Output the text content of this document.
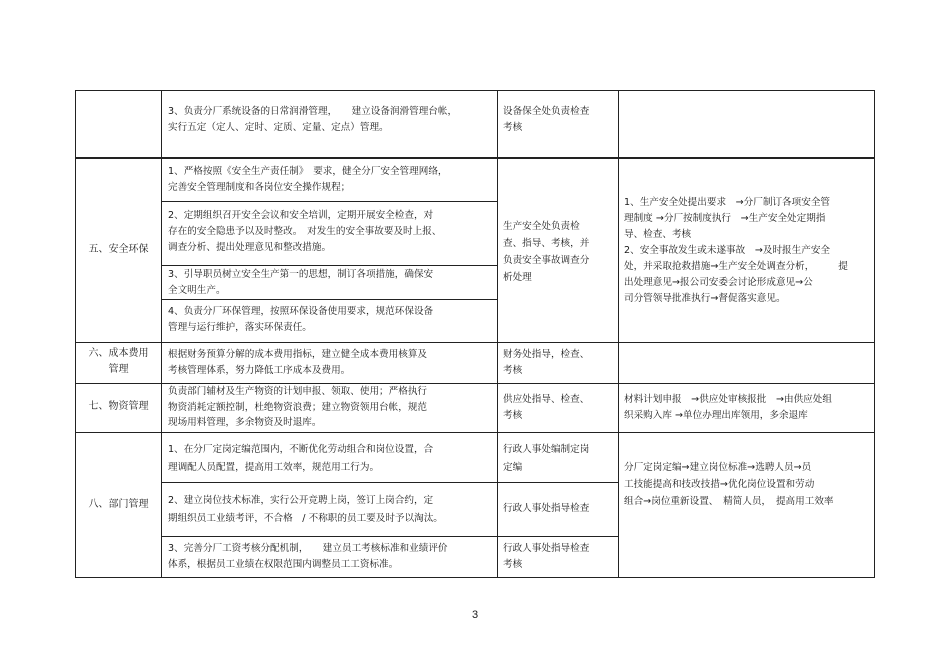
3、负责分厂系统设备的日常润滑管理，　　建立设备润滑管理台帐，
实行五定（定人、定时、定质、定量、定点）管理。
设备保全处负责检查
考核
五、安全环保
1、严格按照《安全生产责任制》　要求，健全分厂安全管理网络，
完善安全管理制度和各岗位安全操作规程；
2、定期组织召开安全会议和安全培训，定期开展安全检查，对
存在的安全隐患予以及时整改。　对发生的安全事故要及时上报、
调查分析、提出处理意见和整改措施。
3、引导职员树立安全生产第一的思想，制订各项措施，确保安
全文明生产。
4、负责分厂环保管理，按照环保设备使用要求，规范环保设备
管理与运行维护，落实环保责任。
生产安全处负责检
查、指导、考核，并
负责安全事故调查分
析处理
1、生产安全处提出要求　→分厂制订各项安全管
理制度 →分厂按制度执行　→生产安全处定期指
导、检查、考核
2、安全事故发生或未遂事故　→及时报生产安全
处，并采取抢救措施→生产安全处调查分析，　　　提
出处理意见→报公司安委会讨论形成意见→公
司分管领导批准执行→督促落实意见。
六、成本费用
管理
根据财务预算分解的成本费用指标，建立健全成本费用核算及
考核管理体系，努力降低工序成本及费用。
财务处指导，检查、
考核
七、物资管理
负责部门辅材及生产物资的计划申报、领取、使用；严格执行
物资消耗定额控制，杜绝物资浪费；建立物资领用台帐，规范
现场用料管理，多余物资及时退库。
供应处指导、检查、
考核
材料计划申报　→供应处审核报批　→由供应处组
织采购入库 →单位办理出库领用，多余退库
八、部门管理
1、在分厂定岗定编范围内，不断优化劳动组合和岗位设置，合
理调配人员配置，提高用工效率，规范用工行为。
2、建立岗位技术标准，实行公开竞聘上岗，签订上岗合约，定
期组织员工业绩考评，不合格　/ 不称职的员工要及时予以淘汰。
3、完善分厂工资考核分配机制，　　建立员工考核标准和业绩评价
体系，根据员工业绩在权限范围内调整员工工资标准。
行政人事处编制定岗
定编
行政人事处指导检查
行政人事处指导检查
考核
分厂定岗定编→建立岗位标准→选聘人员→员
工技能提高和技改技措→优化岗位设置和劳动
组合→岗位重新设置、　精简人员，　提高用工效率
3
